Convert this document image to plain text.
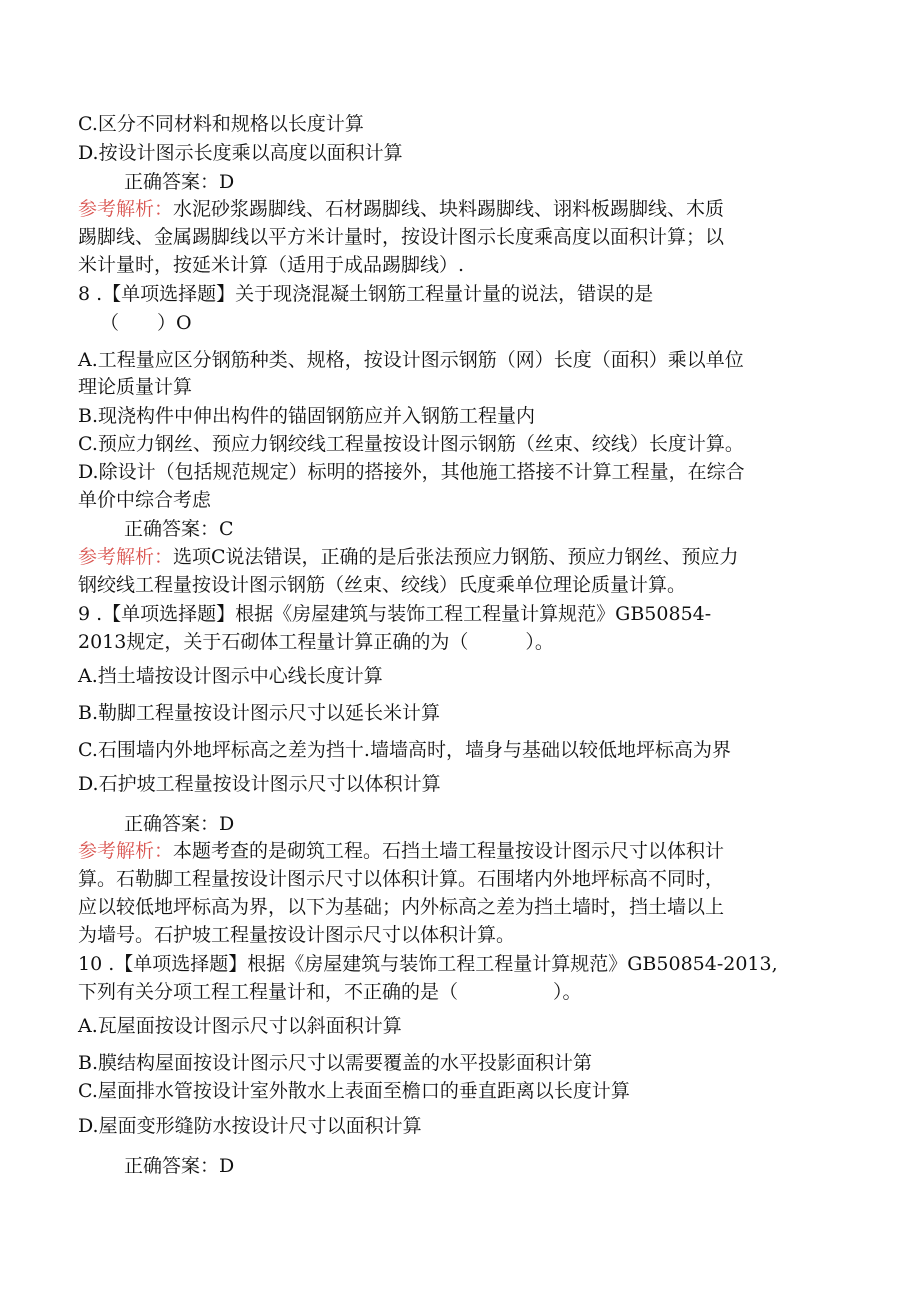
C.区分不同材料和规格以长度计算
D.按设计图示长度乘以高度以面积计算
正确答案：D
参考解析：水泥砂浆踢脚线、石材踢脚线、块料踢脚线、诩料板踢脚线、木质
踢脚线、金属踢脚线以平方米计量时，按设计图示长度乘高度以面积计算；以
米计量时，按延米计算（适用于成品踢脚线）.
8 .【单项选择题】关于现浇混凝土钢筋工程量计量的说法，错误的是
（　　）O
A.工程量应区分钢筋种类、规格，按设计图示钢筋（网）长度（面积）乘以单位
理论质量计算
B.现浇构件中伸出构件的锚固钢筋应并入钢筋工程量内
C.预应力钢丝、预应力钢绞线工程量按设计图示钢筋（丝束、绞线）长度计算。
D.除设计（包括规范规定）标明的搭接外，其他施工搭接不计算工程量，在综合
单价中综合考虑
正确答案：C
参考解析：选项C说法错误，正确的是后张法预应力钢筋、预应力钢丝、预应力
钢绞线工程量按设计图示钢筋（丝束、绞线）氏度乘单位理论质量计算。
9 .【单项选择题】根据《房屋建筑与装饰工程工程量计算规范》GB50854-
2013规定，关于石砌体工程量计算正确的为（　　　）。
A.挡土墙按设计图示中心线长度计算
B.勒脚工程量按设计图示尺寸以延长米计算
C.石围墙内外地坪标高之差为挡十.墙墙高时，墙身与基础以较低地坪标高为界
D.石护坡工程量按设计图示尺寸以体积计算
正确答案：D
参考解析：本题考查的是砌筑工程。石挡土墙工程量按设计图示尺寸以体积计
算。石勒脚工程量按设计图示尺寸以体积计算。石围堵内外地坪标高不同时，
应以较低地坪标高为界，以下为基础；内外标高之差为挡土墙时，挡土墙以上
为墙号。石护坡工程量按设计图示尺寸以体积计算。
10 .【单项选择题】根据《房屋建筑与装饰工程工程量计算规范》GB50854-2013,
下列有关分项工程工程量计和，不正确的是（　　　　　）。
A.瓦屋面按设计图示尺寸以斜面积计算
B.膜结构屋面按设计图示尺寸以需要覆盖的水平投影面积计第
C.屋面排水管按设计室外散水上表面至檐口的垂直距离以长度计算
D.屋面变形缝防水按设计尺寸以面积计算
正确答案：D
